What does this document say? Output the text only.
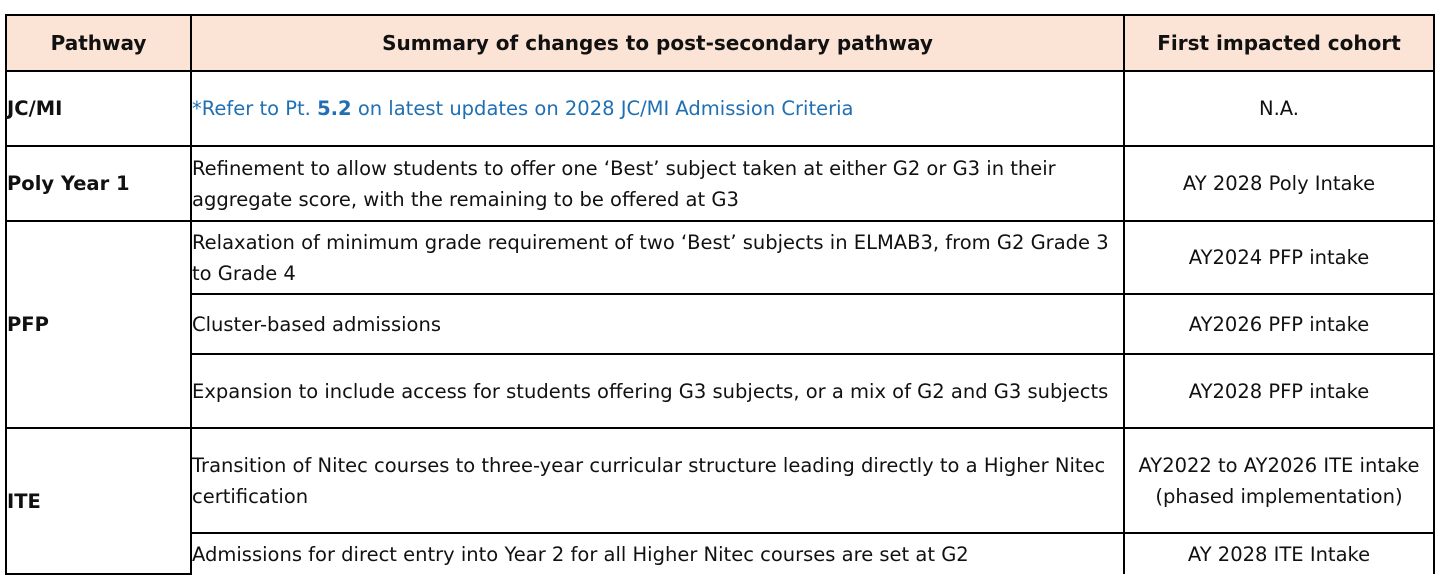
Pathway	Summary of changes to post-secondary pathway	First impacted cohort
JC/MI	*Refer to Pt. 5.2 on latest updates on 2028 JC/MI Admission Criteria	N.A.
Poly Year 1	Refinement to allow students to offer one ‘Best’ subject taken at either G2 or G3 in their aggregate score, with the remaining to be offered at G3	AY 2028 Poly Intake
PFP	Relaxation of minimum grade requirement of two ‘Best’ subjects in ELMAB3, from G2 Grade 3 to Grade 4	AY2024 PFP intake
	Cluster-based admissions	AY2026 PFP intake
	Expansion to include access for students offering G3 subjects, or a mix of G2 and G3 subjects	AY2028 PFP intake
ITE	Transition of Nitec courses to three-year curricular structure leading directly to a Higher Nitec certification	AY2022 to AY2026 ITE intake (phased implementation)
	Admissions for direct entry into Year 2 for all Higher Nitec courses are set at G2	AY 2028 ITE Intake
